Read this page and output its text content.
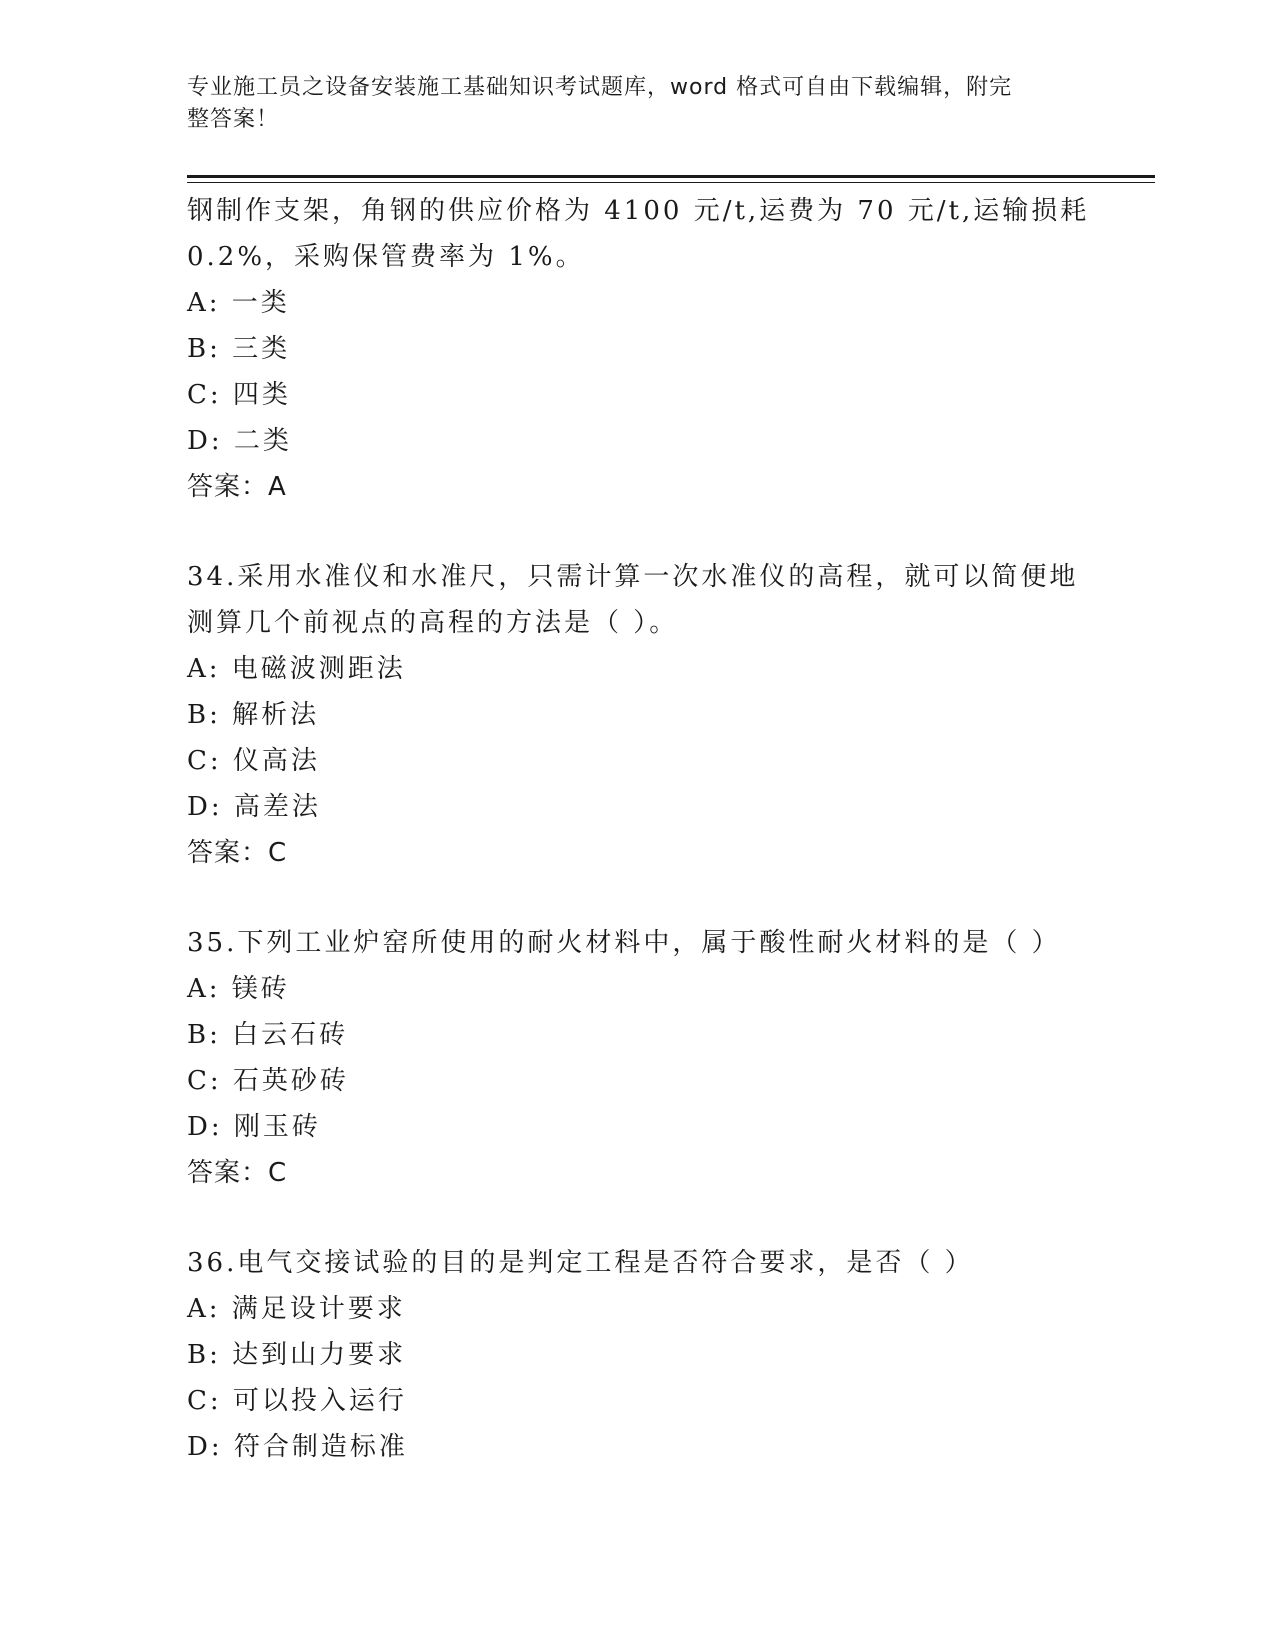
专业施工员之设备安装施工基础知识考试题库，word 格式可自由下载编辑，附完
整答案！
钢制作支架，角钢的供应价格为 4100 元/t,运费为 70 元/t,运输损耗
0.2%，采购保管费率为 1%。
A: 一类
B: 三类
C: 四类
D: 二类
答案：A
34.采用水准仪和水准尺，只需计算一次水准仪的高程，就可以简便地
测算几个前视点的高程的方法是（ ）。
A: 电磁波测距法
B: 解析法
C: 仪高法
D: 高差法
答案：C
35.下列工业炉窑所使用的耐火材料中，属于酸性耐火材料的是（ ）
A: 镁砖
B: 白云石砖
C: 石英砂砖
D: 刚玉砖
答案：C
36.电气交接试验的目的是判定工程是否符合要求，是否（ ）
A: 满足设计要求
B: 达到山力要求
C: 可以投入运行
D: 符合制造标准
